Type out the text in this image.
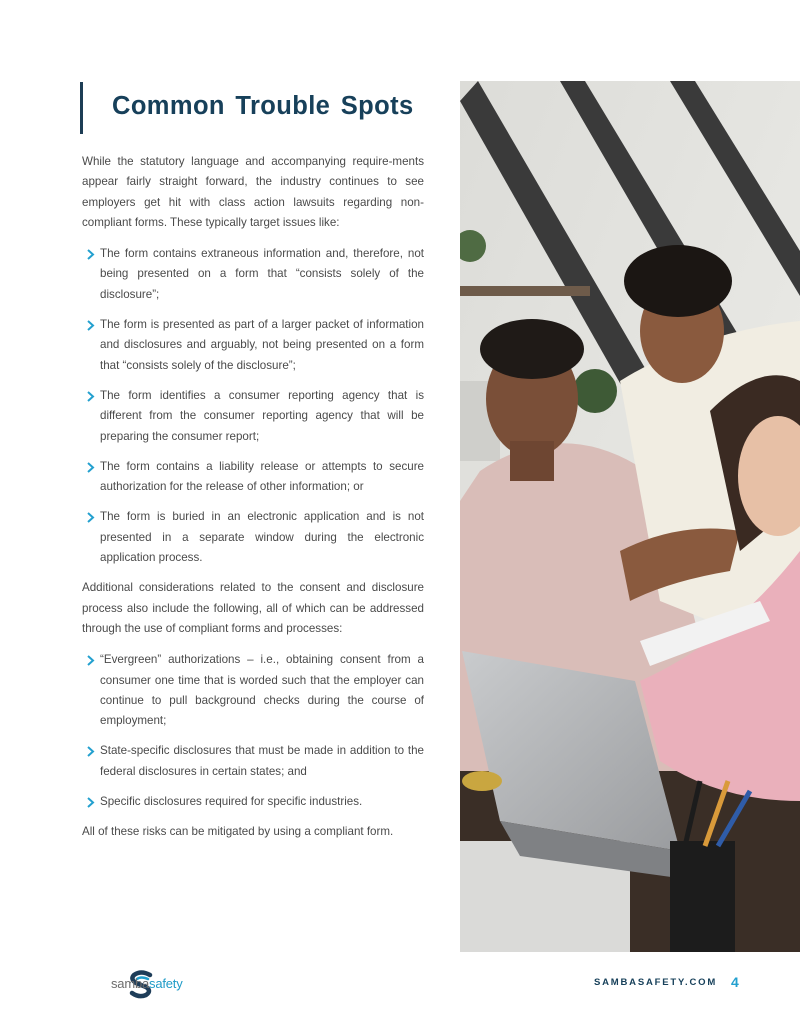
Common Trouble Spots

While the statutory language and accompanying require-ments appear fairly straight forward, the industry continues to see employers get hit with class action lawsuits regarding non-compliant forms. These typically target issues like:

The form contains extraneous information and, therefore, not being presented on a form that “consists solely of the disclosure”;
The form is presented as part of a larger packet of information and disclosures and arguably, not being presented on a form that “consists solely of the disclosure”;
The form identifies a consumer reporting agency that is different from the consumer reporting agency that will be preparing the consumer report;
The form contains a liability release or attempts to secure authorization for the release of other information; or
The form is buried in an electronic application and is not presented in a separate window during the electronic application process.

Additional considerations related to the consent and disclosure process also include the following, all of which can be addressed through the use of compliant forms and processes:

“Evergreen” authorizations – i.e., obtaining consent from a consumer one time that is worded such that the employer can continue to pull background checks during the course of employment;
State-specific disclosures that must be made in addition to the federal disclosures in certain states; and
Specific disclosures required for specific industries.

All of these risks can be mitigated by using a compliant form.

sambasafety	SAMBASAFETY.COM 4
